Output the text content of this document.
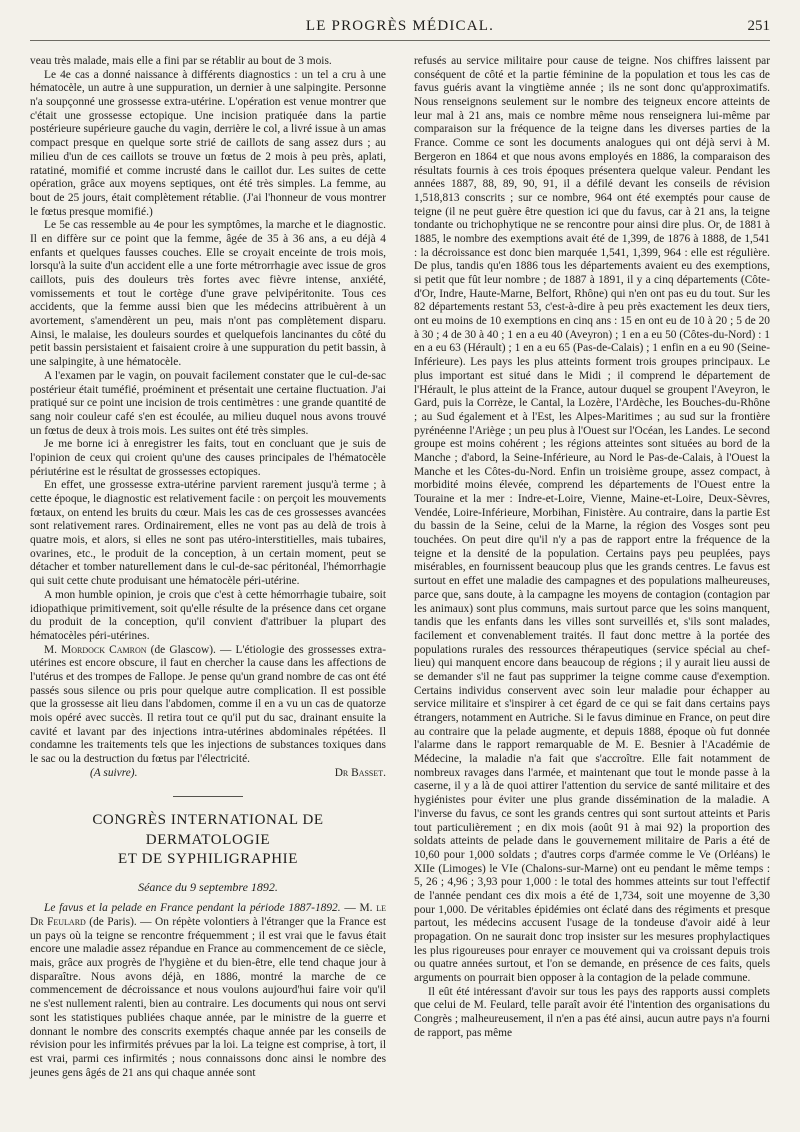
LE PROGRÈS MÉDICAL.	251

veau très malade, mais elle a fini par se rétablir au bout de 3 mois.

Le 4e cas a donné naissance à différents diagnostics : un tel a cru à une hématocèle, un autre à une suppuration, un dernier à une salpingite. Personne n'a soupçonné une grossesse extra-utérine. L'opération est venue montrer que c'était une grossesse ectopique. Une incision pratiquée dans la partie postérieure supérieure gauche du vagin, derrière le col, a livré issue à un amas compact presque en quelque sorte strié de caillots de sang assez durs ; au milieu d'un de ces caillots se trouve un fœtus de 2 mois à peu près, aplati, ratatiné, momifié et comme incrusté dans le caillot dur. Les suites de cette opération, grâce aux moyens septiques, ont été très simples. La femme, au bout de 25 jours, était complètement rétablie. (J'ai l'honneur de vous montrer le fœtus presque momifié.)

Le 5e cas ressemble au 4e pour les symptômes, la marche et le diagnostic. Il en diffère sur ce point que la femme, âgée de 35 à 36 ans, a eu déjà 4 enfants et quelques fausses couches. Elle se croyait enceinte de trois mois, lorsqu'à la suite d'un accident elle a une forte métrorrhagie avec issue de gros caillots, puis des douleurs très fortes avec fièvre intense, anxiété, vomissements et tout le cortège d'une grave pelvipéritonite. Tous ces accidents, que la femme aussi bien que les médecins attribuèrent à un avortement, s'amendèrent un peu, mais n'ont pas complètement disparu. Ainsi, le malaise, les douleurs sourdes et quelquefois lancinantes du côté du petit bassin persistaient et faisaient croire à une suppuration du petit bassin, à une salpingite, à une hématocèle.

A l'examen par le vagin, on pouvait facilement constater que le cul-de-sac postérieur était tuméfié, proéminent et présentait une certaine fluctuation. J'ai pratiqué sur ce point une incision de trois centimètres : une grande quantité de sang noir couleur café s'en est écoulée, au milieu duquel nous avons trouvé un fœtus de deux à trois mois. Les suites ont été très simples.

Je me borne ici à enregistrer les faits, tout en concluant que je suis de l'opinion de ceux qui croient qu'une des causes principales de l'hématocèle périutérine est le résultat de grossesses ectopiques.

En effet, une grossesse extra-utérine parvient rarement jusqu'à terme ; à cette époque, le diagnostic est relativement facile : on perçoit les mouvements fœtaux, on entend les bruits du cœur. Mais les cas de ces grossesses avancées sont relativement rares. Ordinairement, elles ne vont pas au delà de trois à quatre mois, et alors, si elles ne sont pas utéro-interstitielles, mais tubaires, ovarines, etc., le produit de la conception, à un certain moment, peut se détacher et tomber naturellement dans le cul-de-sac péritonéal, l'hémorrhagie qui suit cette chute produisant une hématocèle péri-utérine.

A mon humble opinion, je crois que c'est à cette hémorrhagie tubaire, soit idiopathique primitivement, soit qu'elle résulte de la présence dans cet organe du produit de la conception, qu'il convient d'attribuer la plupart des hématocèles péri-utérines.

M. Mordock Camron (de Glascow). — L'étiologie des grossesses extra-utérines est encore obscure, il faut en chercher la cause dans les affections de l'utérus et des trompes de Fallope. Je pense qu'un grand nombre de cas ont été passés sous silence ou pris pour quelque autre complication. Il est possible que la grossesse ait lieu dans l'abdomen, comme il en a vu un cas de quatorze mois opéré avec succès. Il retira tout ce qu'il put du sac, drainant ensuite la cavité et lavant par des injections intra-utérines abdominales répétées. Il condamne les traitements tels que les injections de substances toxiques dans le sac ou la destruction du fœtus par l'électricité.

(A suivre).	Dr Basset.
CONGRÈS INTERNATIONAL DE DERMATOLOGIE
ET DE SYPHILIGRAPHIE
Séance du 9 septembre 1892.

Le favus et la pelade en France pendant la période 1887-1892. — M. le Dr Feulard (de Paris). — On répète volontiers à l'étranger que la France est un pays où la teigne se rencontre fréquemment ; il est vrai que le favus était encore une maladie assez répandue en France au commencement de ce siècle, mais, grâce aux progrès de l'hygiène et du bien-être, elle tend chaque jour à disparaître. Nous avons déjà, en 1886, montré la marche de ce commencement de décroissance et nous voulons aujourd'hui faire voir qu'il ne s'est nullement ralenti, bien au contraire. Les documents qui nous ont servi sont les statistiques publiées chaque année, par le ministre de la guerre et donnant le nombre des conscrits exemptés chaque année par les conseils de révision pour les infirmités prévues par la loi. La teigne est comprise, à tort, il est vrai, parmi ces infirmités ; nous connaissons donc ainsi le nombre des jeunes gens âgés de 21 ans qui chaque année sont

refusés au service militaire pour cause de teigne. Nos chiffres laissent par conséquent de côté et la partie féminine de la population et tous les cas de favus guéris avant la vingtième année ; ils ne sont donc qu'approximatifs. Nous renseignons seulement sur le nombre des teigneux encore atteints de leur mal à 21 ans, mais ce nombre même nous renseignera lui-même par comparaison sur la fréquence de la teigne dans les diverses parties de la France. Comme ce sont les documents analogues qui ont déjà servi à M. Bergeron en 1864 et que nous avons employés en 1886, la comparaison des résultats fournis à ces trois époques présentera quelque valeur. Pendant les années 1887, 88, 89, 90, 91, il a défilé devant les conseils de révision 1,518,813 conscrits ; sur ce nombre, 964 ont été exemptés pour cause de teigne (il ne peut guère être question ici que du favus, car à 21 ans, la teigne tondante ou trichophytique ne se rencontre pour ainsi dire plus. Or, de 1881 à 1885, le nombre des exemptions avait été de 1,399, de 1876 à 1888, de 1,541 : la décroissance est donc bien marquée 1,541, 1,399, 964 : elle est régulière. De plus, tandis qu'en 1886 tous les départements avaient eu des exemptions, si petit que fût leur nombre ; de 1887 à 1891, il y a cinq départements (Côte-d'Or, Indre, Haute-Marne, Belfort, Rhône) qui n'en ont pas eu du tout. Sur les 82 départements restant 53, c'est-à-dire à peu près exactement les deux tiers, ont eu moins de 10 exemptions en cinq ans : 15 en ont eu de 10 à 20 ; 5 de 20 à 30 ; 4 de 30 à 40 ; 1 en a eu 40 (Aveyron) ; 1 en a eu 50 (Côtes-du-Nord) : 1 en a eu 63 (Hérault) ; 1 en a eu 65 (Pas-de-Calais) ; 1 enfin en a eu 90 (Seine-Inférieure). Les pays les plus atteints forment trois groupes principaux. Le plus important est situé dans le Midi ; il comprend le département de l'Hérault, le plus atteint de la France, autour duquel se groupent l'Aveyron, le Gard, puis la Corrèze, le Cantal, la Lozère, l'Ardèche, les Bouches-du-Rhône ; au Sud également et à l'Est, les Alpes-Maritimes ; au sud sur la frontière pyrénéenne l'Ariège ; un peu plus à l'Ouest sur l'Océan, les Landes. Le second groupe est moins cohérent ; les régions atteintes sont situées au bord de la Manche ; d'abord, la Seine-Inférieure, au Nord le Pas-de-Calais, à l'Ouest la Manche et les Côtes-du-Nord. Enfin un troisième groupe, assez compact, à morbidité moins élevée, comprend les départements de l'Ouest entre la Touraine et la mer : Indre-et-Loire, Vienne, Maine-et-Loire, Deux-Sèvres, Vendée, Loire-Inférieure, Morbihan, Finistère. Au contraire, dans la partie Est du bassin de la Seine, celui de la Marne, la région des Vosges sont peu touchées. On peut dire qu'il n'y a pas de rapport entre la fréquence de la teigne et la densité de la population. Certains pays peu peuplées, pays misérables, en fournissent beaucoup plus que les grands centres. Le favus est surtout en effet une maladie des campagnes et des populations malheureuses, parce que, sans doute, à la campagne les moyens de contagion (contagion par les animaux) sont plus communs, mais surtout parce que les soins manquent, tandis que les enfants dans les villes sont surveillés et, s'ils sont malades, facilement et convenablement traités. Il faut donc mettre à la portée des populations rurales des ressources thérapeutiques (service spécial au chef-lieu) qui manquent encore dans beaucoup de régions ; il y aurait lieu aussi de se demander s'il ne faut pas supprimer la teigne comme cause d'exemption. Certains individus conservent avec soin leur maladie pour échapper au service militaire et s'inspirer à cet égard de ce qui se fait dans certains pays étrangers, notamment en Autriche. Si le favus diminue en France, on peut dire au contraire que la pelade augmente, et depuis 1888, époque où fut donnée l'alarme dans le rapport remarquable de M. E. Besnier à l'Académie de Médecine, la maladie n'a fait que s'accroître. Elle fait notamment de nombreux ravages dans l'armée, et maintenant que tout le monde passe à la caserne, il y a là de quoi attirer l'attention du service de santé militaire et des hygiénistes pour éviter une plus grande dissémination de la maladie. A l'inverse du favus, ce sont les grands centres qui sont surtout atteints et Paris tout particulièrement ; en dix mois (août 91 à mai 92) la proportion des soldats atteints de pelade dans le gouvernement militaire de Paris a été de 10,60 pour 1,000 soldats ; d'autres corps d'armée comme le Ve (Orléans) le XIIe (Limoges) le VIe (Chalons-sur-Marne) ont eu pendant le même temps : 5, 26 ; 4,96 ; 3,93 pour 1,000 : le total des hommes atteints sur tout l'effectif de l'année pendant ces dix mois a été de 1,734, soit une moyenne de 3,30 pour 1,000. De véritables épidémies ont éclaté dans des régiments et presque partout, les médecins accusent l'usage de la tondeuse d'avoir aidé à leur propagation. On ne saurait donc trop insister sur les mesures prophylactiques les plus rigoureuses pour enrayer ce mouvement qui va croissant depuis trois ou quatre années surtout, et l'on se demande, en présence de ces faits, quels arguments on pourrait bien opposer à la contagion de la pelade commune.

Il eût été intéressant d'avoir sur tous les pays des rapports aussi complets que celui de M. Feulard, telle paraît avoir été l'intention des organisations du Congrès ; malheureusement, il n'en a pas été ainsi, aucun autre pays n'a fourni de rapport, pas même
